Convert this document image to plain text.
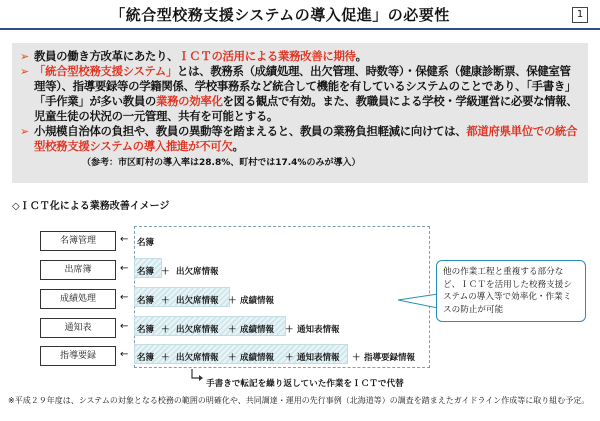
「統合型校務支援システムの導入促進」の必要性	1
➢ 教員の働き方改革にあたり、ＩＣＴの活用による業務改善に期待。
➢ 「統合型校務支援システム」とは、教務系（成績処理、出欠管理、時数等）・保健系（健康診断票、保健室管理等）、指導要録等の学籍関係、学校事務系など統合して機能を有しているシステムのことであり、「手書き」「手作業」が多い教員の業務の効率化を図る観点で有効。また、教職員による学校・学級運営に必要な情報、児童生徒の状況の一元管理、共有を可能とする。
➢ 小規模自治体の負担や、教員の異動等を踏まえると、教員の業務負担軽減に向けては、都道府県単位での統合型校務支援システムの導入推進が不可欠。
（参考：市区町村の導入率は28.8%、町村では17.4%のみが導入）
◇ＩＣＴ化による業務改善イメージ
名簿管理
出席簿
成績処理
通知表
指導要録
← 名簿
← 名簿 ＋ 出欠席情報
← 名簿 ＋ 出欠席情報 ＋ 成績情報
← 名簿 ＋ 出欠席情報 ＋ 成績情報 ＋ 通知表情報
← 名簿 ＋ 出欠席情報 ＋ 成績情報 ＋ 通知表情報 ＋ 指導要録情報
他の作業工程と重複する部分など、ＩＣＴを活用した校務支援システムの導入等で効率化・作業ミスの防止が可能
手書きで転記を繰り返していた作業をＩＣＴで代替
※平成２９年度は、システムの対象となる校務の範囲の明確化や、共同調達・運用の先行事例（北海道等）の調査を踏まえたガイドライン作成等に取り組む予定。
